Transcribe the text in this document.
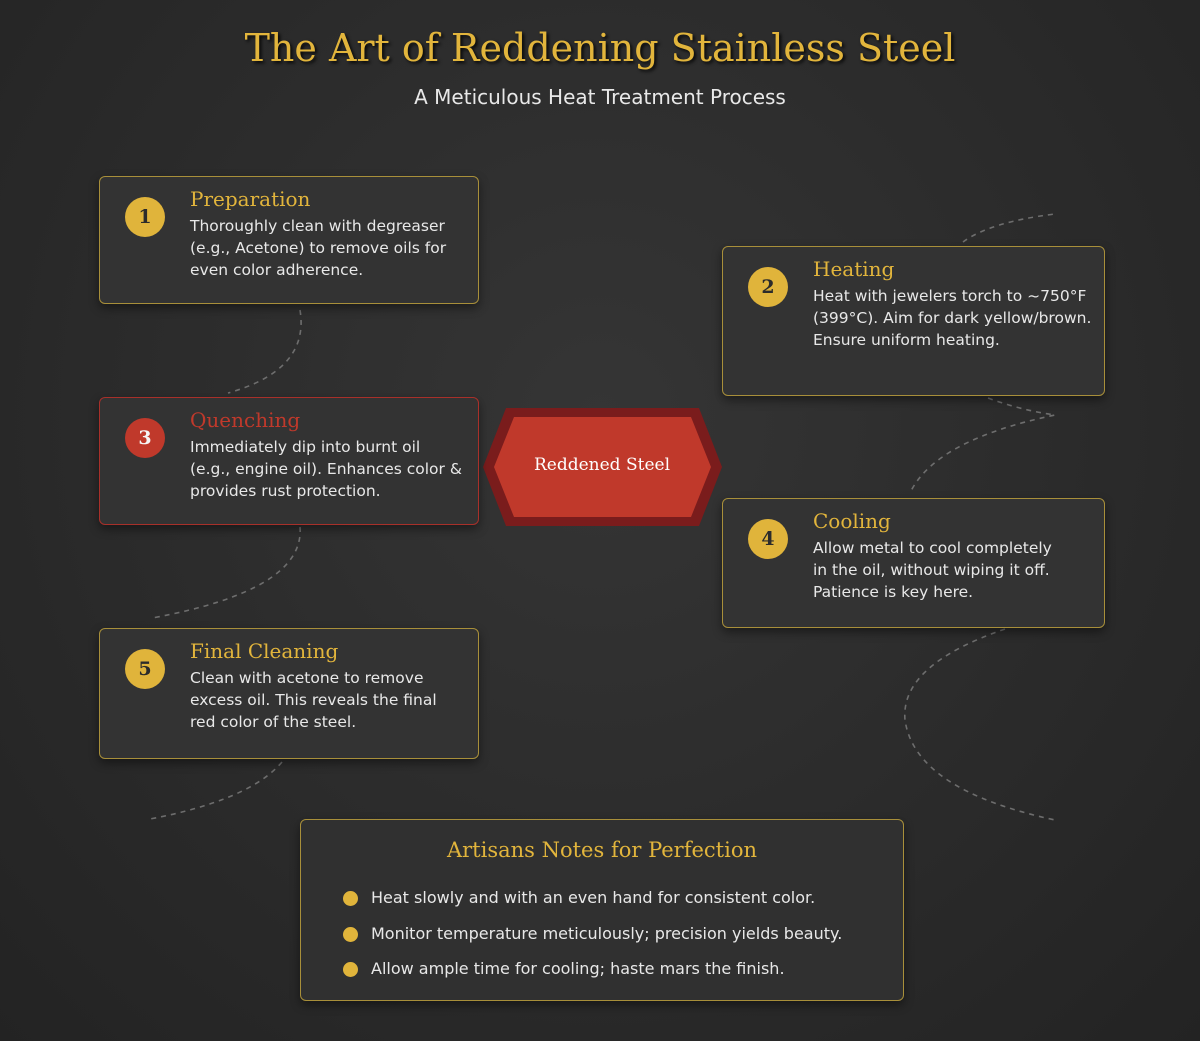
The Art of Reddening Stainless Steel
A Meticulous Heat Treatment Process
Reddened Steel
1
Preparation
Thoroughly clean with degreaser (e.g., Acetone) to remove oils for even color adherence.
2
Heating
Heat with jewelers torch to ~750°F (399°C). Aim for dark yellow/brown. Ensure uniform heating.
3
Quenching
Immediately dip into burnt oil (e.g., engine oil). Enhances color & provides rust protection.
4
Cooling
Allow metal to cool completely in the oil, without wiping it off. Patience is key here.
5
Final Cleaning
Clean with acetone to remove excess oil. This reveals the final red color of the steel.
Artisans Notes for Perfection
Heat slowly and with an even hand for consistent color.
Monitor temperature meticulously; precision yields beauty.
Allow ample time for cooling; haste mars the finish.
